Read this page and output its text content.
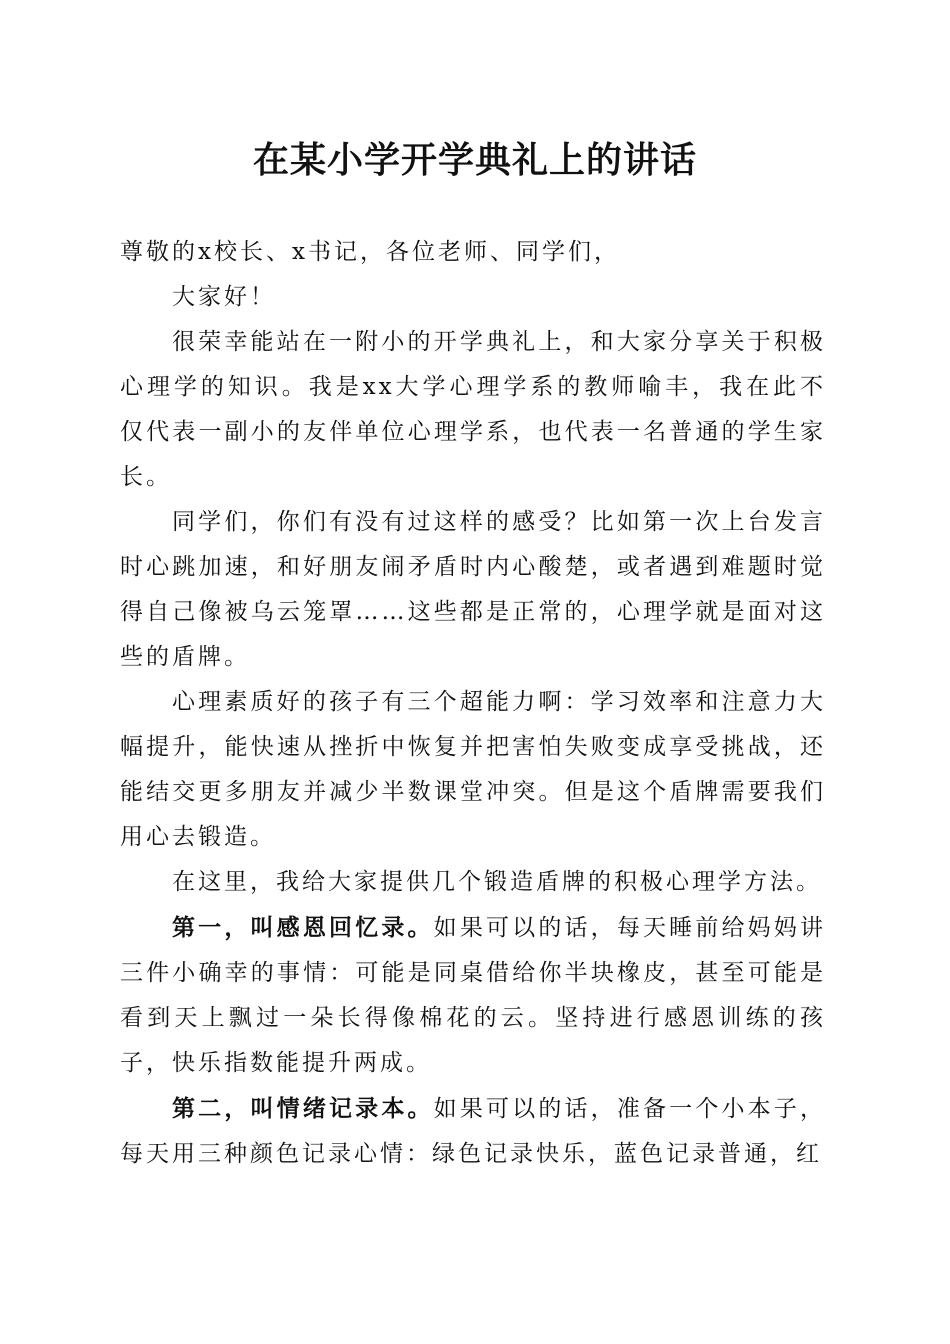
在某小学开学典礼上的讲话

尊敬的x校长、x书记，各位老师、同学们，

大家好！

很荣幸能站在一附小的开学典礼上，和大家分享关于积极心理学的知识。我是xx大学心理学系的教师喻丰，我在此不仅代表一副小的友伴单位心理学系，也代表一名普通的学生家长。

同学们，你们有没有过这样的感受？比如第一次上台发言时心跳加速，和好朋友闹矛盾时内心酸楚，或者遇到难题时觉得自己像被乌云笼罩……这些都是正常的，心理学就是面对这些的盾牌。

心理素质好的孩子有三个超能力啊：学习效率和注意力大幅提升，能快速从挫折中恢复并把害怕失败变成享受挑战，还能结交更多朋友并减少半数课堂冲突。但是这个盾牌需要我们用心去锻造。

在这里，我给大家提供几个锻造盾牌的积极心理学方法。

第一，叫感恩回忆录。如果可以的话，每天睡前给妈妈讲三件小确幸的事情：可能是同桌借给你半块橡皮，甚至可能是看到天上飘过一朵长得像棉花的云。坚持进行感恩训练的孩子，快乐指数能提升两成。

第二，叫情绪记录本。如果可以的话，准备一个小本子，每天用三种颜色记录心情：绿色记录快乐，蓝色记录普通，红
